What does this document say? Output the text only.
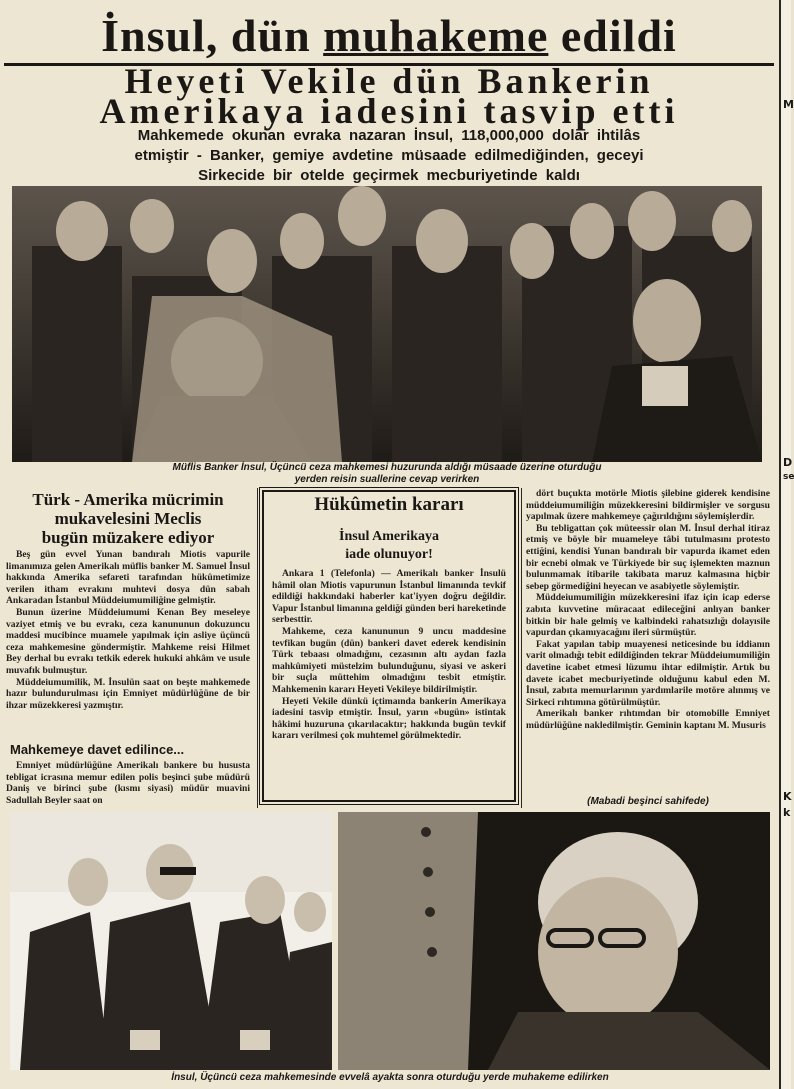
İnsul, dün muhakeme edildi
Heyeti Vekile dün Bankerin
Amerikaya iadesini tasvip etti
Mahkemede okunan evraka nazaran İnsul, 118,000,000 dolar ihtilâs
etmiştir - Banker, gemiye avdetine müsaade edilmediğinden, geceyi
Sirkecide bir otelde geçirmek mecburiyetinde kaldı
Müflis Banker İnsul, Üçüncü ceza mahkemesi huzurunda aldığı müsaade üzerine oturduğu
yerden reisin suallerine cevap verirken
Türk - Amerika mücrimin
mukavelesini Meclis
bugün müzakere ediyor

Beş gün evvel Yunan bandıralı Miotis vapurile limanımıza gelen Amerikalı müflis banker M. Samuel İnsul hakkında Amerika sefareti tarafından hükûmetimize verilen itham evrakını muhtevi dosya dün sabah Ankaradan İstanbul Müddeiumumiliğine gelmiştir.

Bunun üzerine Müddeiumumi Kenan Bey meseleye vaziyet etmiş ve bu evrakı, ceza kanununun dokuzuncu maddesi mucibince muamele yapılmak için asliye üçüncü ceza mahkemesine göndermiştir. Mahkeme reisi Hilmet Bey derhal bu evrakı tetkik ederek hukuki ahkâm ve usule muvafık bulmuştur.

Müddeiumumilik, M. İnsulün saat on beşte mahkemede hazır bulundurulması için Emniyet müdürlüğüne de bir ihzar müzekkeresi yazmıştır.

Mahkemeye davet edilince...

Emniyet müdürlüğüne Amerikalı bankere bu hususta tebligat icrasına memur edilen polis beşinci şube müdürü Daniş ve birinci şube (kısmı siyasi) müdür muavini Sadullah Beyler saat on

Hükûmetin kararı
İnsul Amerikaya
iade olunuyor!

Ankara 1 (Telefonla) — Amerikalı banker İnsulü hâmil olan Miotis vapurunun İstanbul limanında tevkif edildiği hakkındaki haberler kat'iyyen doğru değildir. Vapur İstanbul limanına geldiği günden beri hareketinde serbesttir.

Mahkeme, ceza kanununun 9 uncu maddesine tevfikan bugün (dün) bankeri davet ederek kendisinin Türk tebaası olmadığını, cezasının altı aydan fazla mahkûmiyeti müstelzim bulunduğunu, siyasi ve askeri bir suçla müttehim olmadığını tesbit etmiştir. Mahkemenin kararı Heyeti Vekileye bildirilmiştir.

Heyeti Vekile dünkü içtimaında bankerin Amerikaya iadesini tasvip etmiştir. İnsul, yarın «bugün» istintak hâkimi huzuruna çıkarılacaktır; hakkında bugün tevkif kararı verilmesi çok muhtemel görülmektedir.

dört buçukta motörle Miotis şilebine giderek kendisine müddeiumumiliğin müzekkeresini bildirmişler ve sorgusu yapılmak üzere mahkemeye çağırıldığını söylemişlerdir.

Bu tebligattan çok müteessir olan M. İnsul derhal itiraz etmiş ve böyle bir muameleye tâbi tutulmasını protesto ettiğini, kendisi Yunan bandıralı bir vapurda ikamet eden bir ecnebi olmak ve Türkiyede bir suç işlemekten maznun bulunmamak itibarile takibata maruz kalmasına hiçbir sebep görmediğini heyecan ve asabiyetle söylemiştir.

Müddeiumumiliğin müzekkeresini ifaz için icap ederse zabıta kuvvetine müracaat edileceğini anlıyan banker bitkin bir hale gelmiş ve kalbindeki rahatsızlığı dolayısile vapurdan çıkamıyacağını ileri sürmüştür.

Fakat yapılan tabip muayenesi neticesinde bu iddianın varit olmadığı tebit edildiğinden tekrar Müddeiumumiliğin davetine icabet etmesi lüzumu ihtar edilmiştir. Artık bu davete icabet mecburiyetinde olduğunu kabul eden M. İnsul, zabıta memurlarının yardımlarile motöre alınmış ve Sirkeci rıhtımına götürülmüştür.

Amerikalı banker rıhtımdan bir otomobille Emniyet müdürlüğüne nakledilmiştir. Geminin kaptanı M. Musuris

(Mabadi beşinci sahifede)
İnsul, Üçüncü ceza mahkemesinde evvelâ ayakta sonra oturduğu yerde muhakeme edilirken
M
D
se
K
k
